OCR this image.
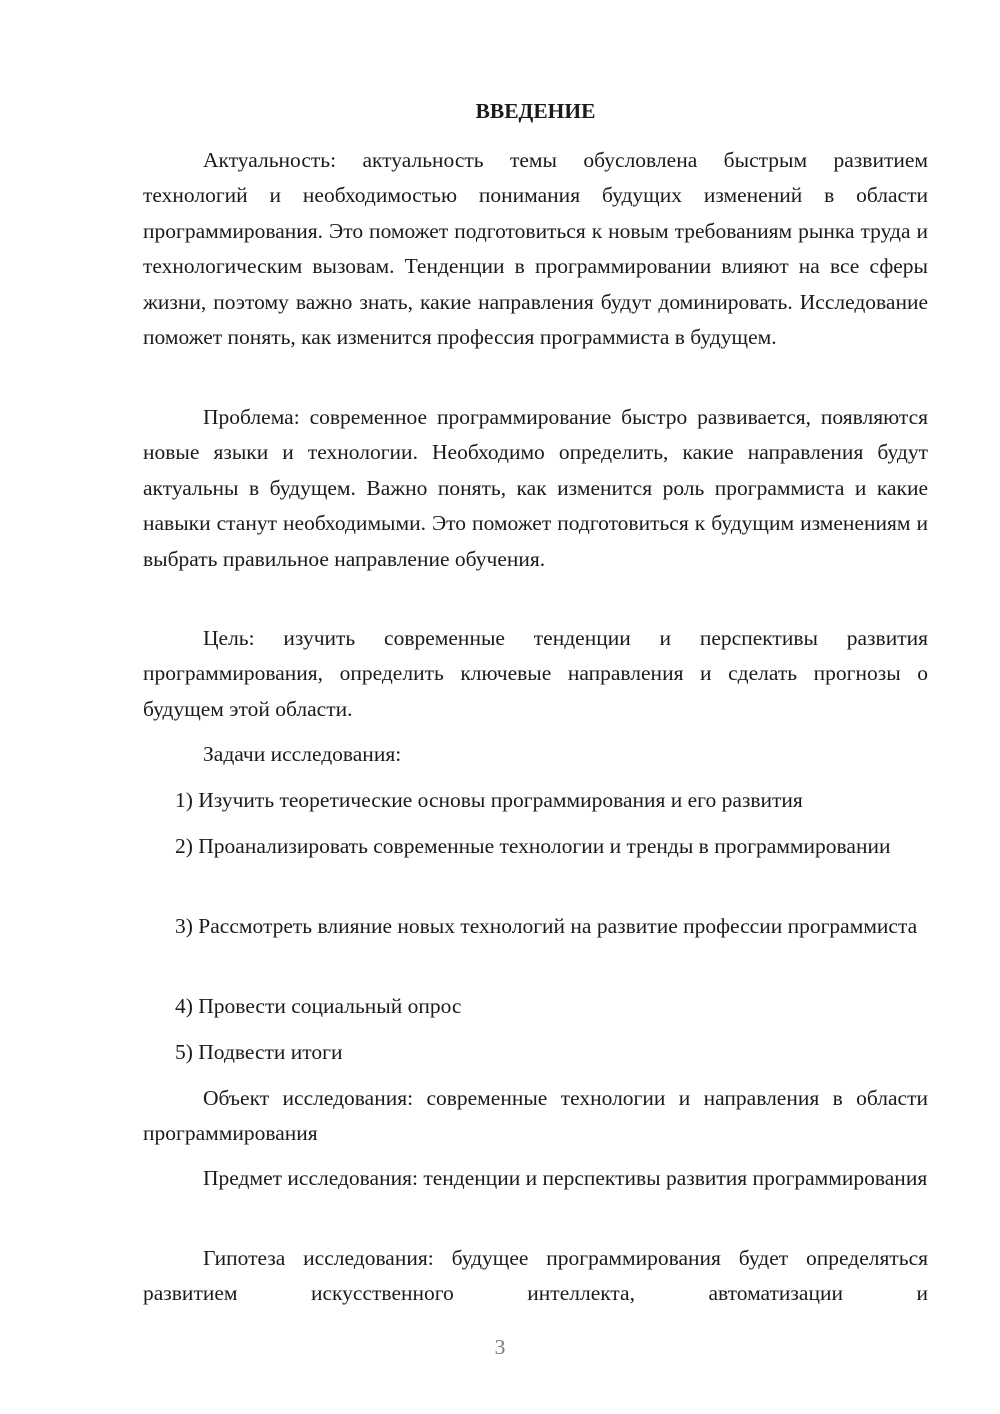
ВВЕДЕНИЕ

Актуальность: актуальность темы обусловлена быстрым развитием технологий и необходимостью понимания будущих изменений в области программирования. Это поможет подготовиться к новым требованиям рынка труда и технологическим вызовам. Тенденции в программировании влияют на все сферы жизни, поэтому важно знать, какие направления будут доминировать. Исследование поможет понять, как изменится профессия программиста в будущем.

Проблема: современное программирование быстро развивается, появляются новые языки и технологии. Необходимо определить, какие направления будут актуальны в будущем. Важно понять, как изменится роль программиста и какие навыки станут необходимыми. Это поможет подготовиться к будущим изменениям и выбрать правильное направление обучения.

Цель: изучить современные тенденции и перспективы развития программирования, определить ключевые направления и сделать прогнозы о будущем этой области.

Задачи исследования:

1) Изучить теоретические основы программирования и его развития

2) Проанализировать современные технологии и тренды в программировании

3) Рассмотреть влияние новых технологий на развитие профессии программиста

4) Провести социальный опрос

5) Подвести итоги

Объект исследования: современные технологии и направления в области программирования

Предмет исследования: тенденции и перспективы развития программирования

Гипотеза исследования: будущее программирования будет определяться развитием искусственного интеллекта, автоматизации и

3
